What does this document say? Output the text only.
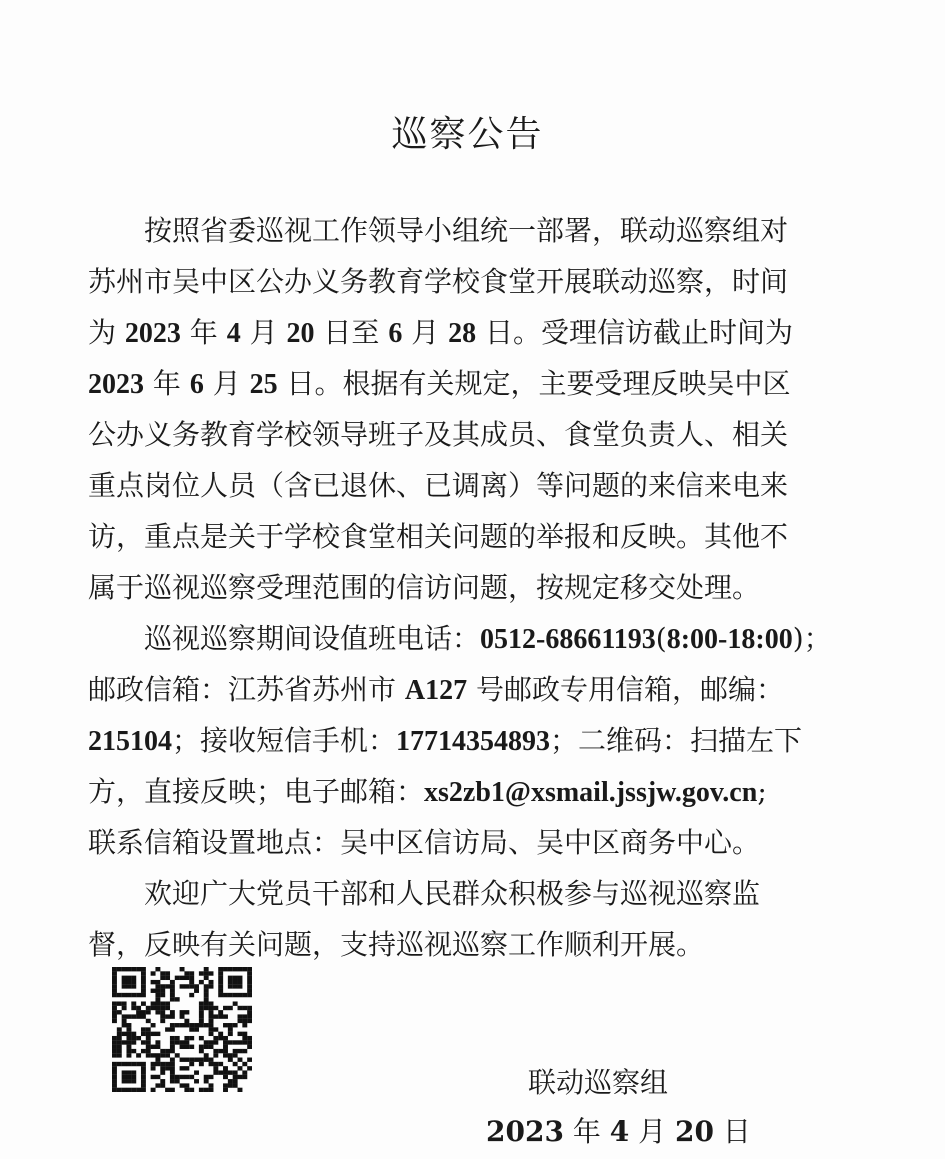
巡察公告
按照省委巡视工作领导小组统一部署，联动巡察组对
苏州市吴中区公办义务教育学校食堂开展联动巡察，时间
为 2023 年 4 月 20 日至 6 月 28 日。受理信访截止时间为
2023 年 6 月 25 日。根据有关规定，主要受理反映吴中区
公办义务教育学校领导班子及其成员、食堂负责人、相关
重点岗位人员（含已退休、已调离）等问题的来信来电来
访，重点是关于学校食堂相关问题的举报和反映。其他不
属于巡视巡察受理范围的信访问题，按规定移交处理。
巡视巡察期间设值班电话：0512-68661193(8:00-18:00)；
邮政信箱：江苏省苏州市 A127 号邮政专用信箱，邮编：
215104；接收短信手机：17714354893；二维码：扫描左下
方，直接反映；电子邮箱：xs2zb1@xsmail.jssjw.gov.cn;
联系信箱设置地点：吴中区信访局、吴中区商务中心。
欢迎广大党员干部和人民群众积极参与巡视巡察监
督，反映有关问题，支持巡视巡察工作顺利开展。
联动巡察组
2023 年 4 月 20 日
